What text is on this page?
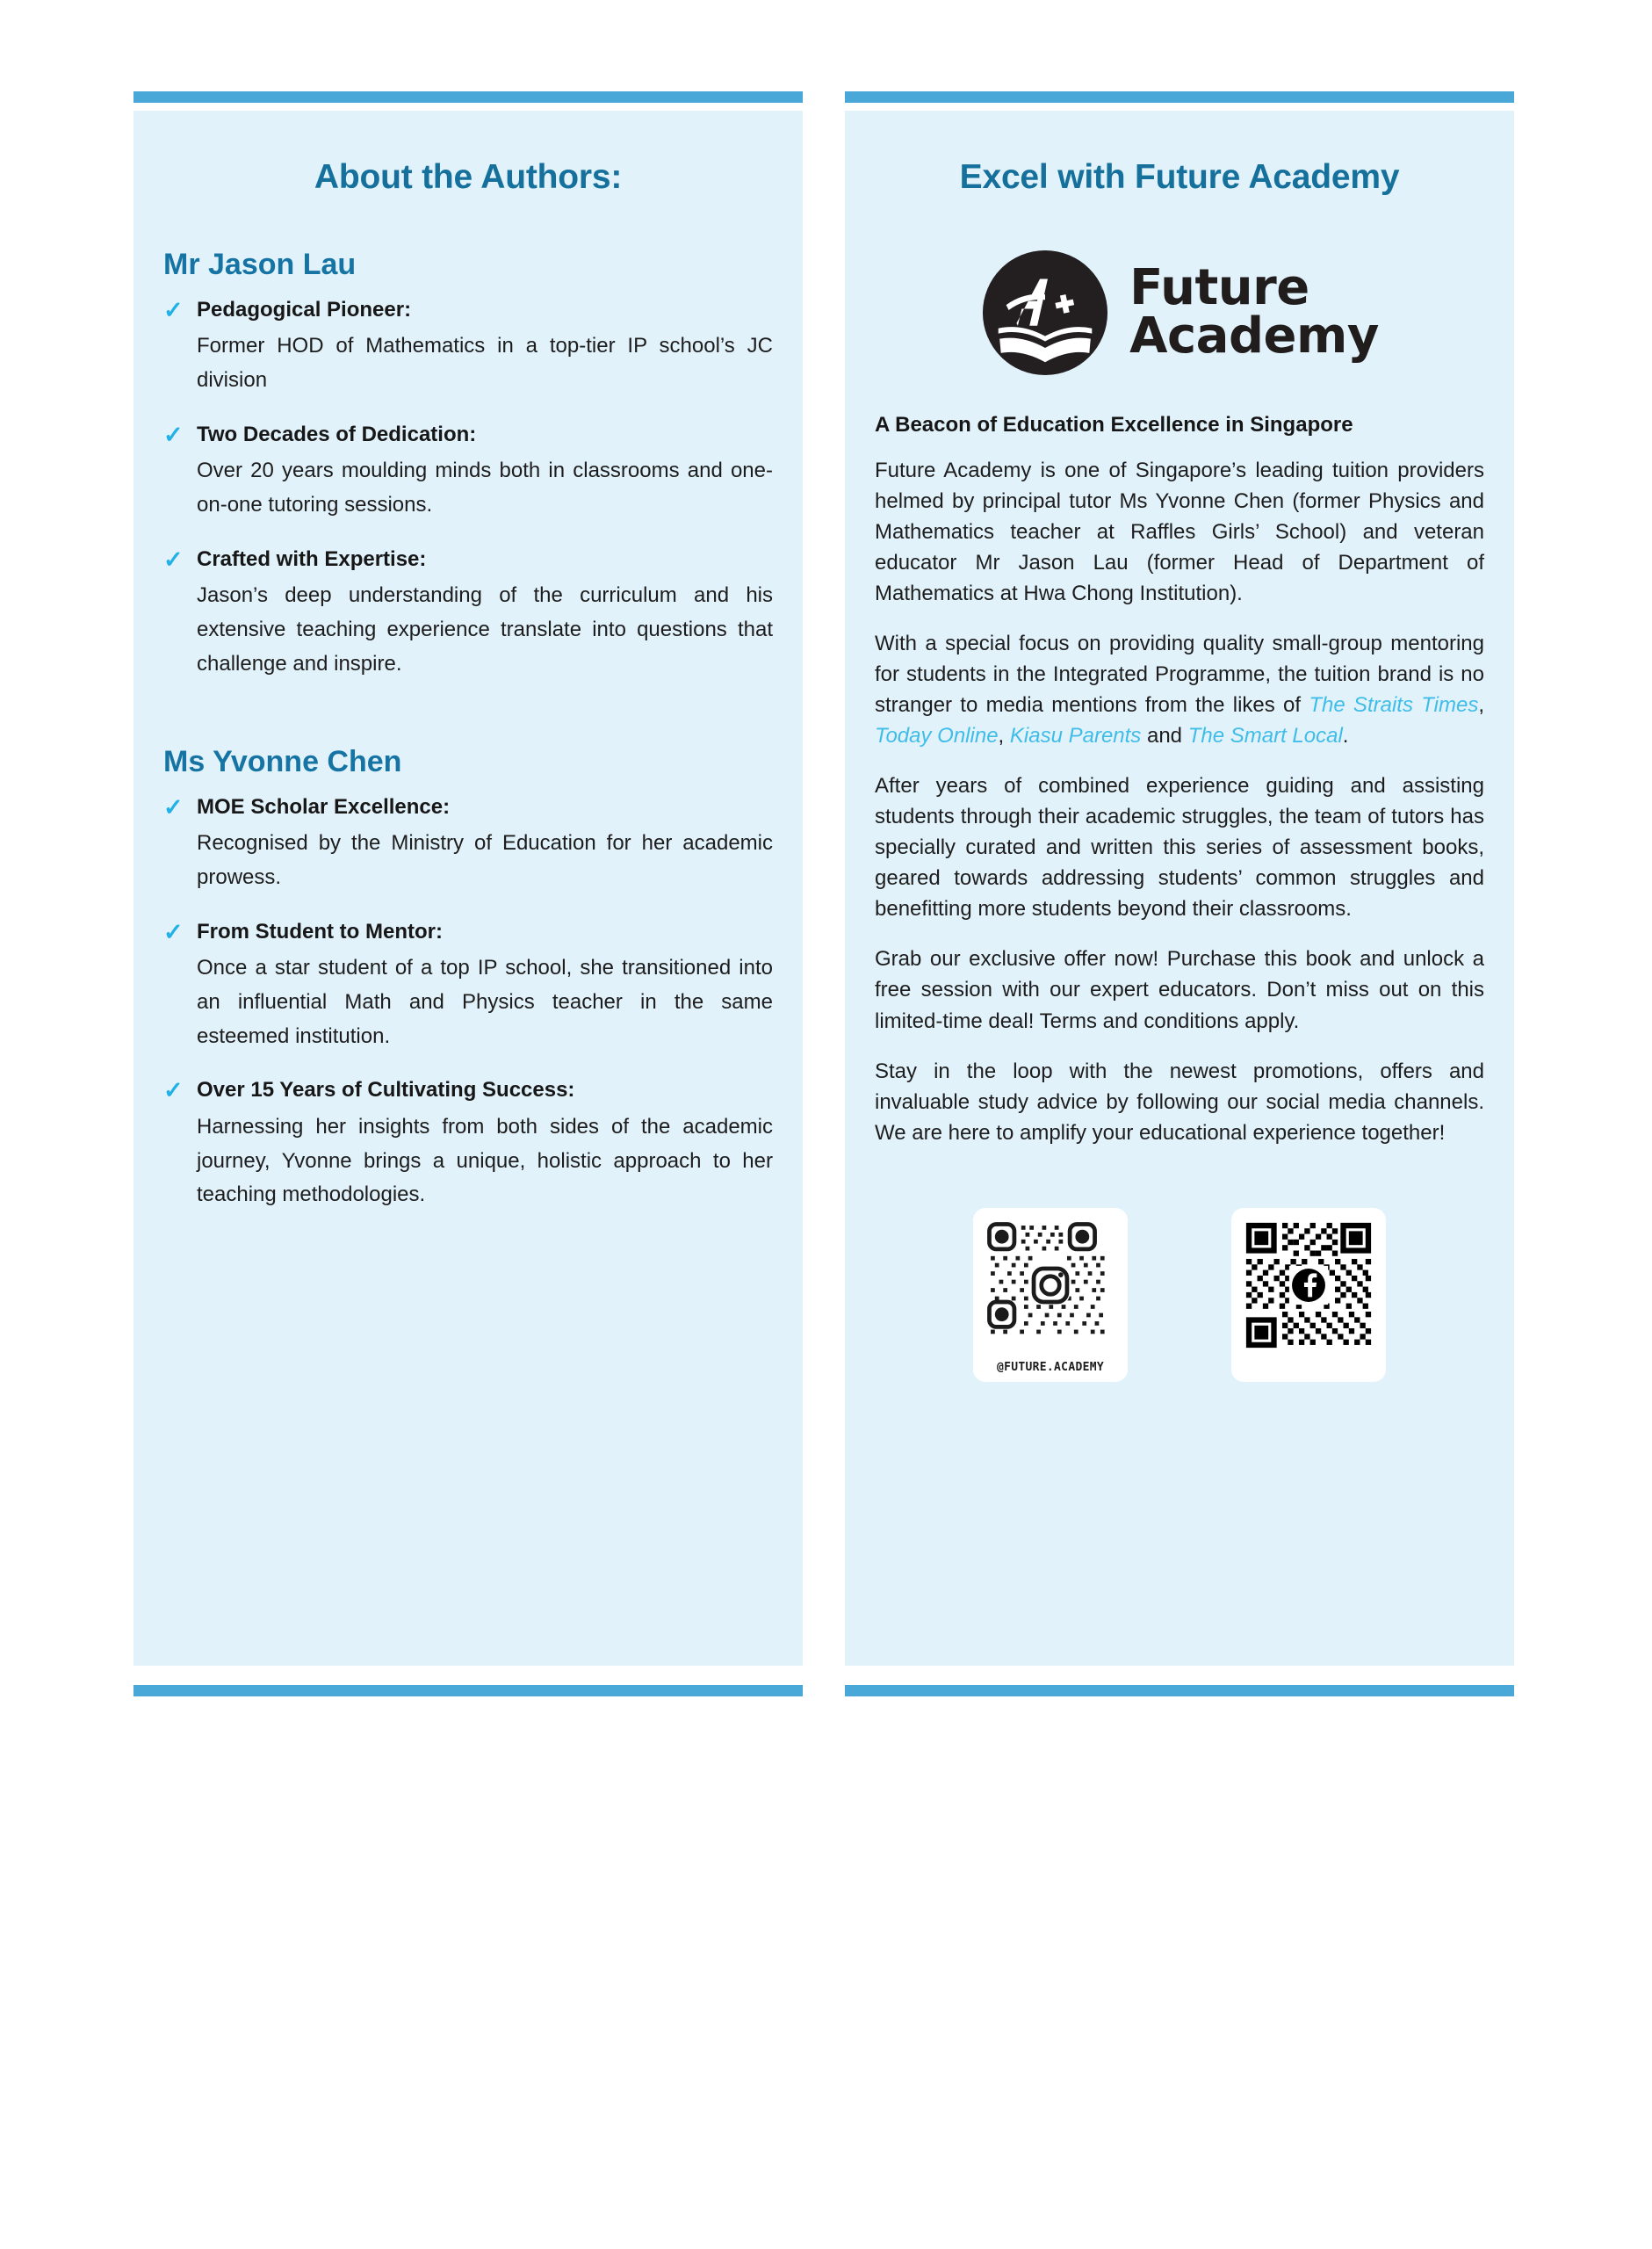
About the Authors:
Mr Jason Lau
✓ Pedagogical Pioneer:
Former HOD of Mathematics in a top-tier IP school’s JC division
✓ Two Decades of Dedication:
Over 20 years moulding minds both in classrooms and one-on-one tutoring sessions.
✓ Crafted with Expertise:
Jason’s deep understanding of the curriculum and his extensive teaching experience translate into questions that challenge and inspire.
Ms Yvonne Chen
✓ MOE Scholar Excellence:
Recognised by the Ministry of Education for her academic prowess.
✓ From Student to Mentor:
Once a star student of a top IP school, she transitioned into an influential Math and Physics teacher in the same esteemed institution.
✓ Over 15 Years of Cultivating Success:
Harnessing her insights from both sides of the academic journey, Yvonne brings a unique, holistic approach to her teaching methodologies.
Excel with Future Academy
Future
Academy
A Beacon of Education Excellence in Singapore

Future Academy is one of Singapore’s leading tuition providers helmed by principal tutor Ms Yvonne Chen (former Physics and Mathematics teacher at Raffles Girls’ School) and veteran educator Mr Jason Lau (former Head of Department of Mathematics at Hwa Chong Institution).

With a special focus on providing quality small-group mentoring for students in the Integrated Programme, the tuition brand is no stranger to media mentions from the likes of The Straits Times, Today Online, Kiasu Parents and The Smart Local.

After years of combined experience guiding and assisting students through their academic struggles, the team of tutors has specially curated and written this series of assessment books, geared towards addressing students’ common struggles and benefitting more students beyond their classrooms.

Grab our exclusive offer now! Purchase this book and unlock a free session with our expert educators. Don’t miss out on this limited-time deal! Terms and conditions apply.

Stay in the loop with the newest promotions, offers and invaluable study advice by following our social media channels. We are here to amplify your educational experience together!

@FUTURE.ACADEMY
